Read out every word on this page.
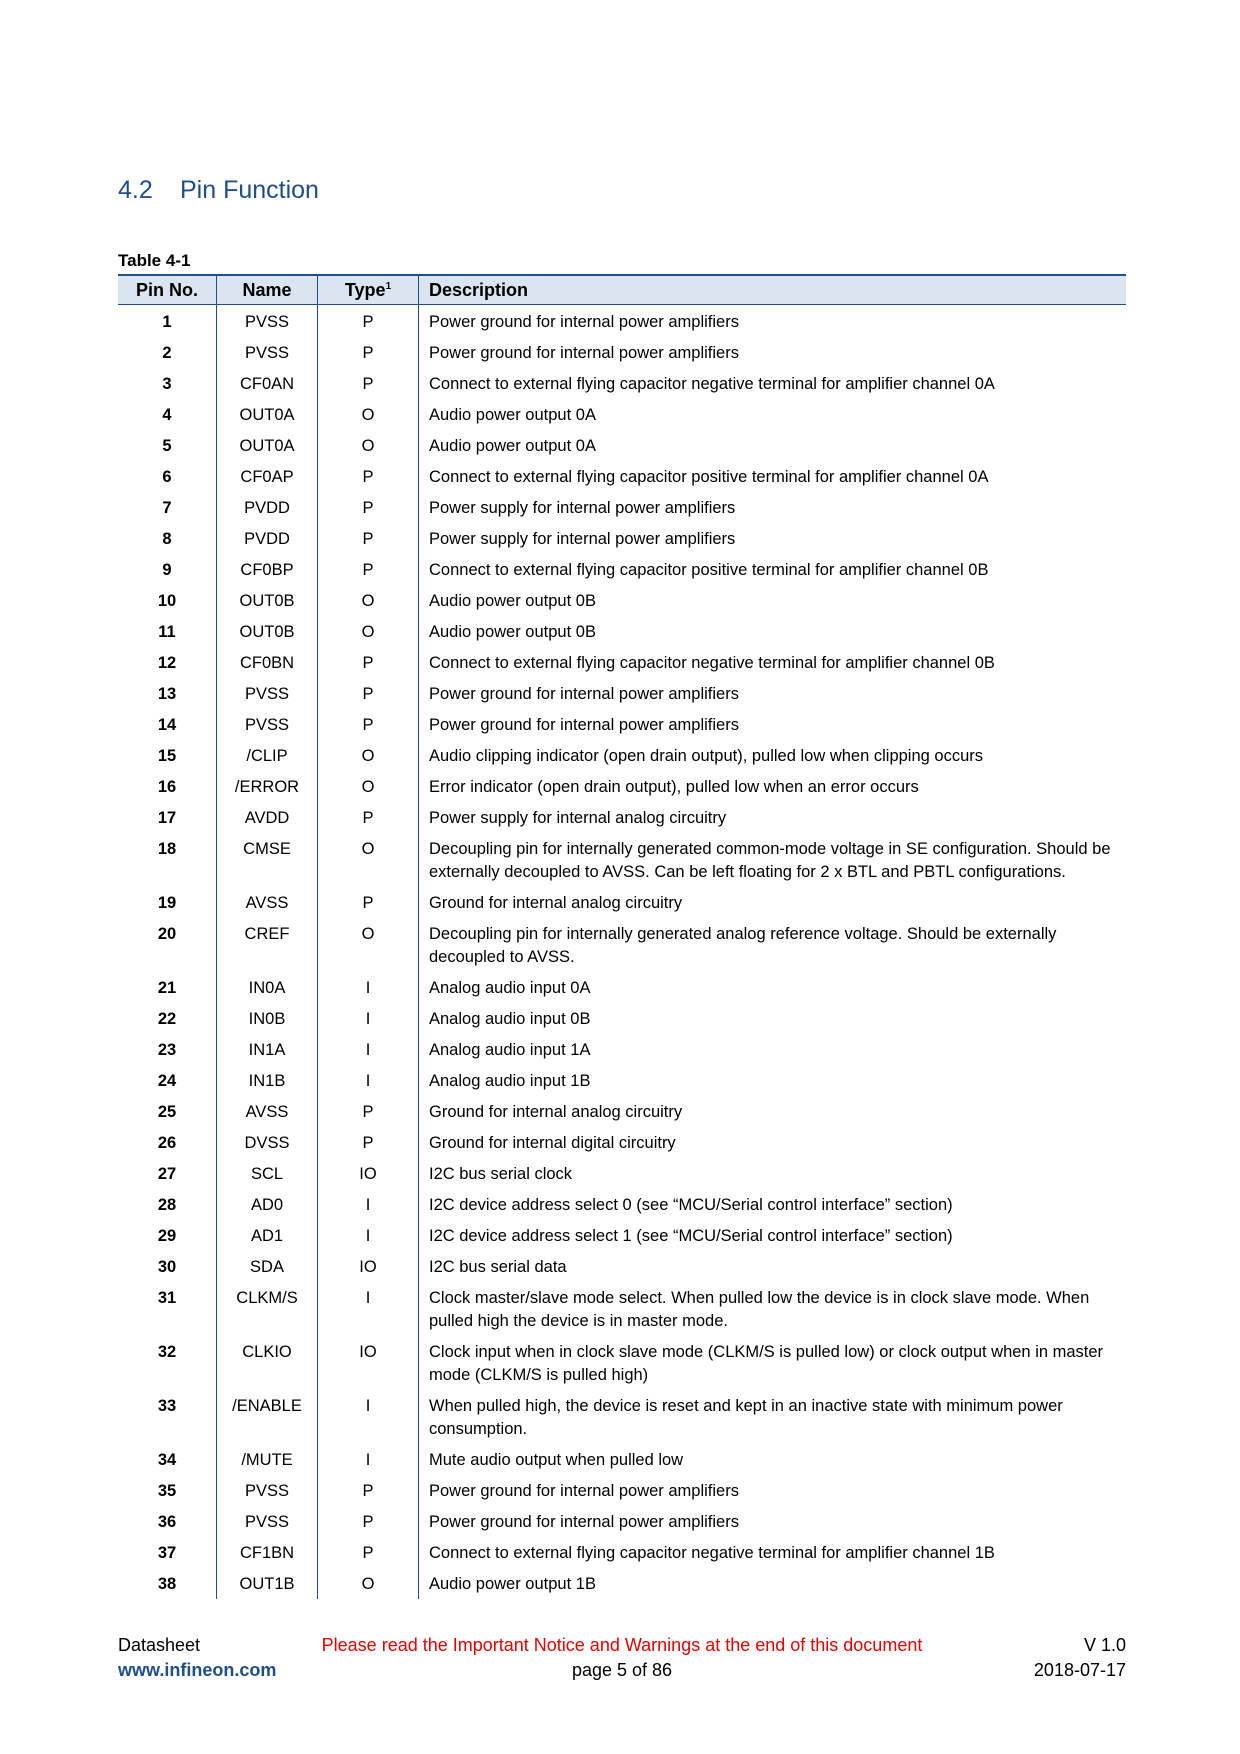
4.2 Pin Function
Table 4-1
Pin No.	Name	Type$^1$	Description
1	PVSS	P	Power ground for internal power amplifiers
2	PVSS	P	Power ground for internal power amplifiers
3	CF0AN	P	Connect to external flying capacitor negative terminal for amplifier channel 0A
4	OUT0A	O	Audio power output 0A
5	OUT0A	O	Audio power output 0A
6	CF0AP	P	Connect to external flying capacitor positive terminal for amplifier channel 0A
7	PVDD	P	Power supply for internal power amplifiers
8	PVDD	P	Power supply for internal power amplifiers
9	CF0BP	P	Connect to external flying capacitor positive terminal for amplifier channel 0B
10	OUT0B	O	Audio power output 0B
11	OUT0B	O	Audio power output 0B
12	CF0BN	P	Connect to external flying capacitor negative terminal for amplifier channel 0B
13	PVSS	P	Power ground for internal power amplifiers
14	PVSS	P	Power ground for internal power amplifiers
15	/CLIP	O	Audio clipping indicator (open drain output), pulled low when clipping occurs
16	/ERROR	O	Error indicator (open drain output), pulled low when an error occurs
17	AVDD	P	Power supply for internal analog circuitry
18	CMSE	O	Decoupling pin for internally generated common-mode voltage in SE configuration. Should be externally decoupled to AVSS. Can be left floating for 2 x BTL and PBTL configurations.
19	AVSS	P	Ground for internal analog circuitry
20	CREF	O	Decoupling pin for internally generated analog reference voltage. Should be externally decoupled to AVSS.
21	IN0A	I	Analog audio input 0A
22	IN0B	I	Analog audio input 0B
23	IN1A	I	Analog audio input 1A
24	IN1B	I	Analog audio input 1B
25	AVSS	P	Ground for internal analog circuitry
26	DVSS	P	Ground for internal digital circuitry
27	SCL	IO	I2C bus serial clock
28	AD0	I	I2C device address select 0 (see “MCU/Serial control interface” section)
29	AD1	I	I2C device address select 1 (see “MCU/Serial control interface” section)
30	SDA	IO	I2C bus serial data
31	CLKM/S	I	Clock master/slave mode select. When pulled low the device is in clock slave mode. When pulled high the device is in master mode.
32	CLKIO	IO	Clock input when in clock slave mode (CLKM/S is pulled low) or clock output when in master mode (CLKM/S is pulled high)
33	/ENABLE	I	When pulled high, the device is reset and kept in an inactive state with minimum power consumption.
34	/MUTE	I	Mute audio output when pulled low
35	PVSS	P	Power ground for internal power amplifiers
36	PVSS	P	Power ground for internal power amplifiers
37	CF1BN	P	Connect to external flying capacitor negative terminal for amplifier channel 1B
38	OUT1B	O	Audio power output 1B
Datasheet	Please read the Important Notice and Warnings at the end of this document	V 1.0
www.infineon.com	page 5 of 86	2018-07-17
